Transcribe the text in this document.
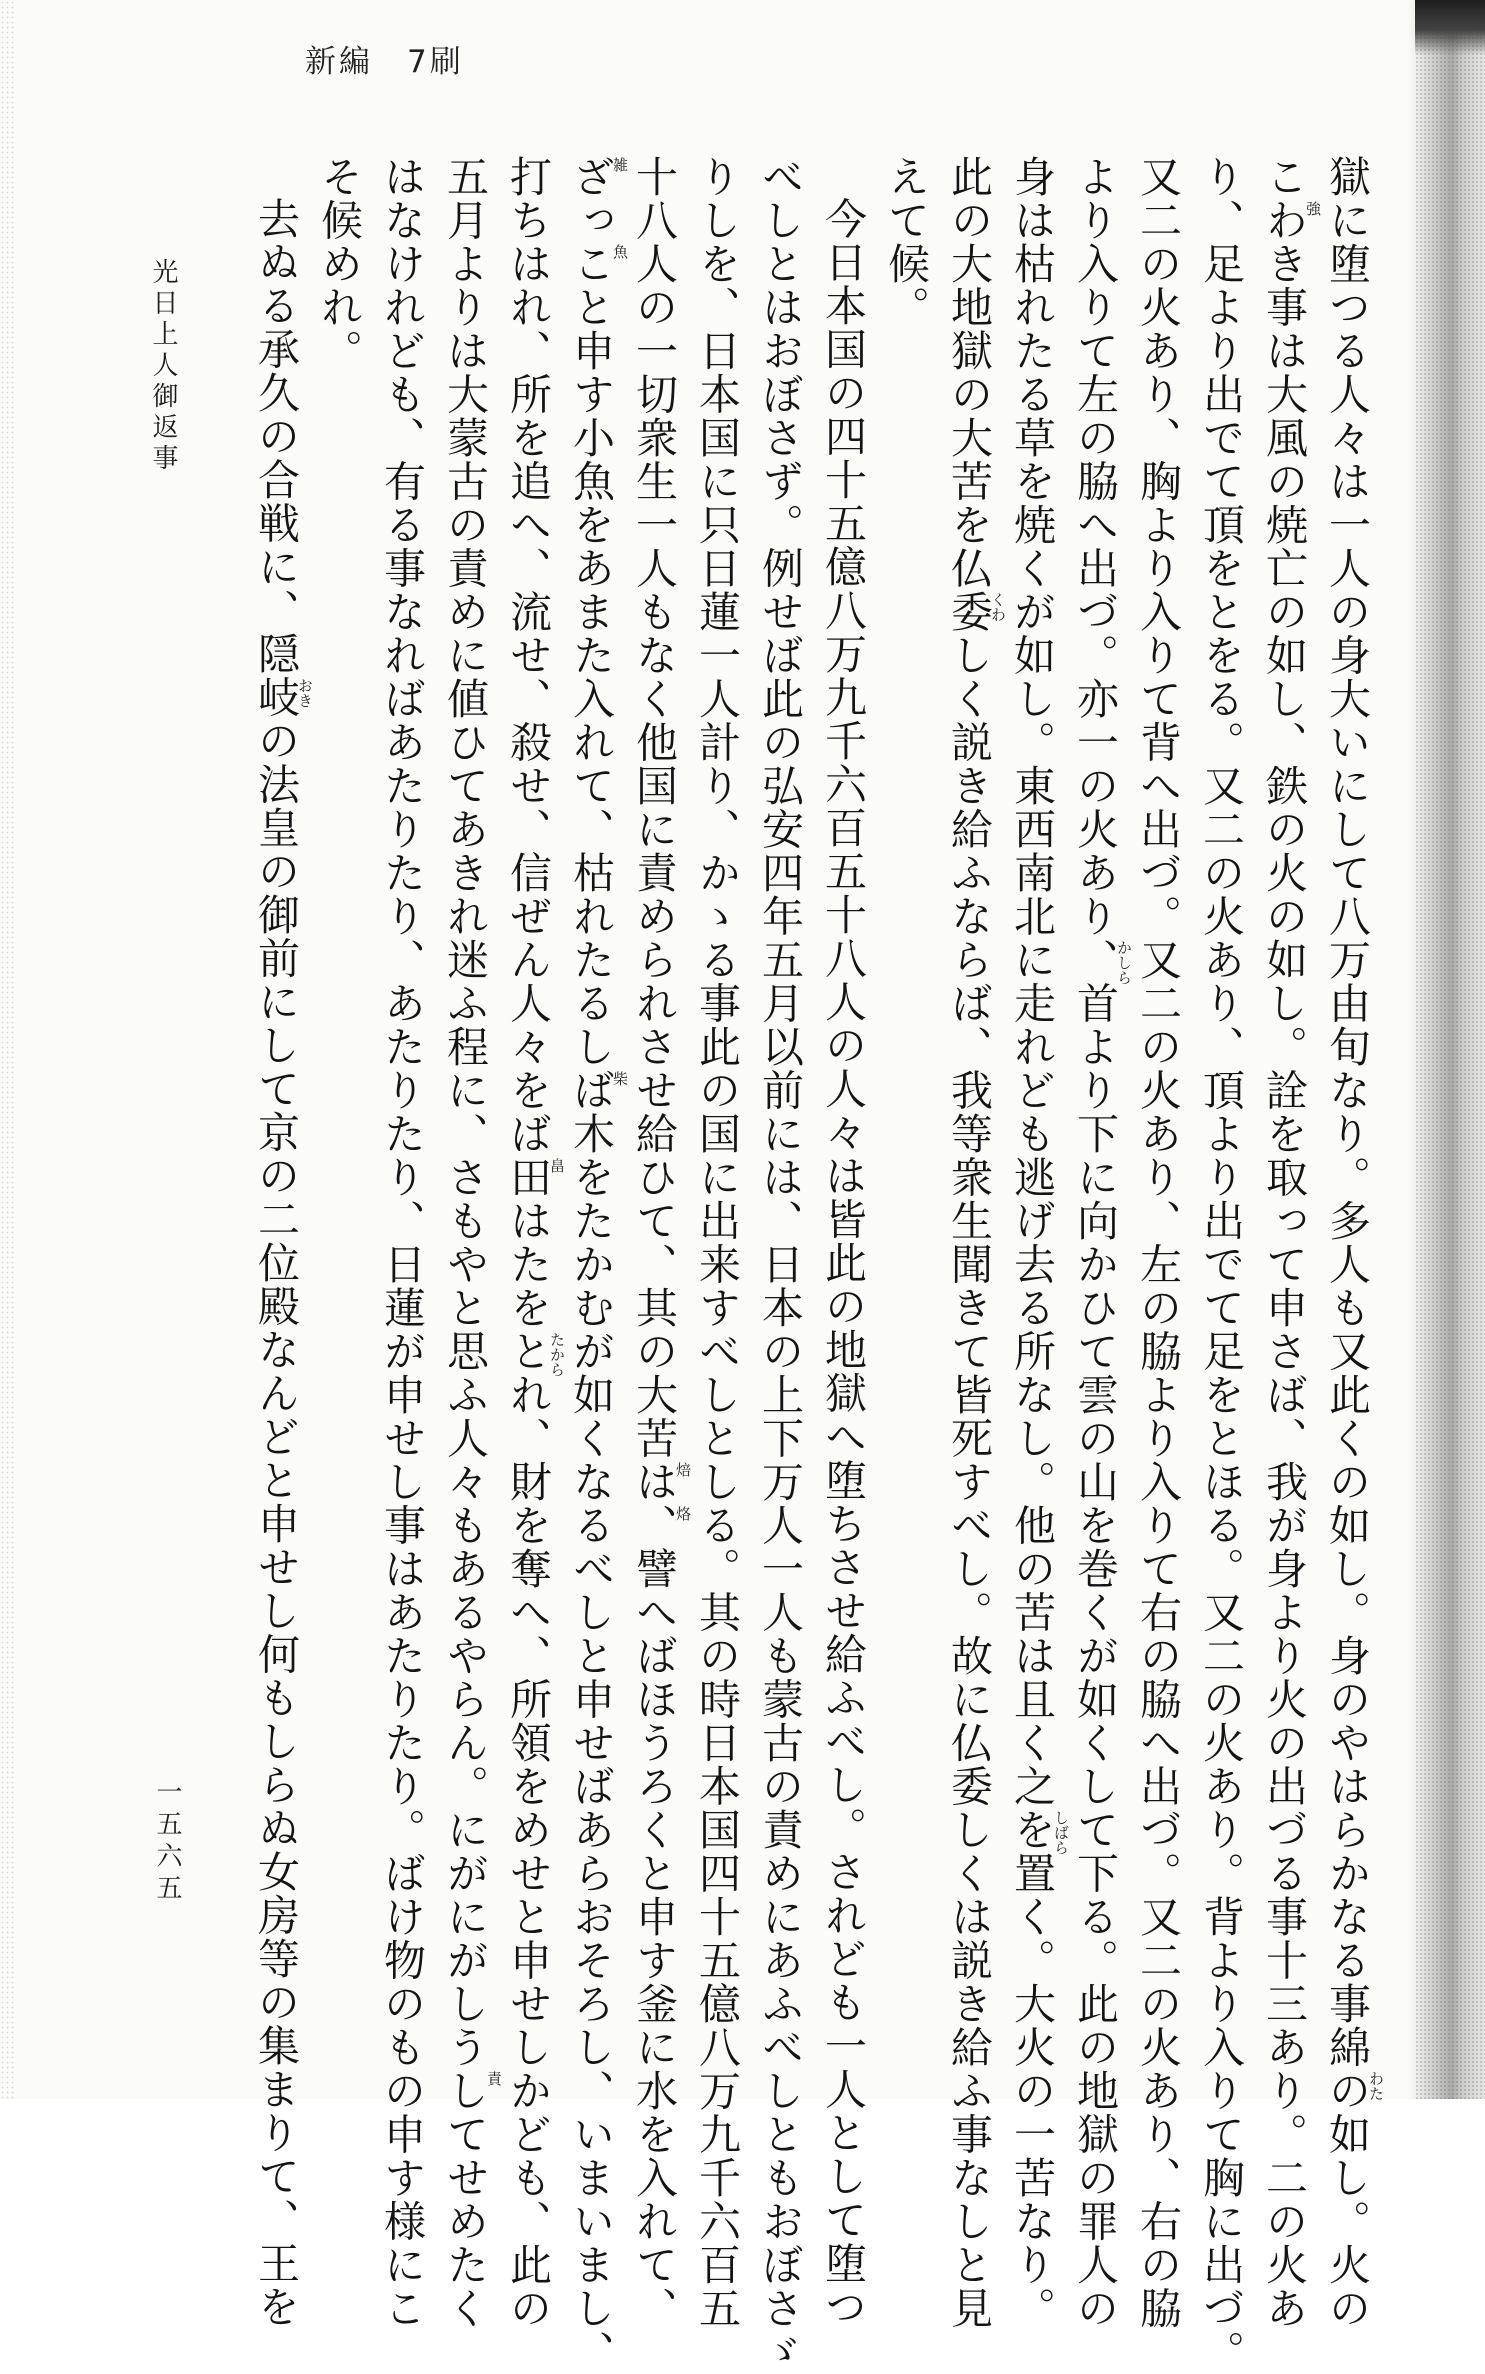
新編　7刷
獄に堕つる人々は一人の身大いにして八万由旬なり。多人も又此くの如し。身のやはらかなる事綿の如し。火の
こわき事は大風の焼亡の如し、鉄の火の如し。詮を取って申さば、我が身より火の出づる事十三あり。二の火あ
り、足より出でて頂をとをる。又二の火あり、頂より出でて足をとほる。又二の火あり。背より入りて胸に出づ。
又二の火あり、胸より入りて背へ出づ。又二の火あり、左の脇より入りて右の脇へ出づ。又二の火あり、右の脇
より入りて左の脇へ出づ。亦一の火あり、首より下に向かひて雲の山を巻くが如くして下る。此の地獄の罪人の
身は枯れたる草を焼くが如し。東西南北に走れども逃げ去る所なし。他の苦は且く之を置く。大火の一苦なり。
此の大地獄の大苦を仏委しく説き給ふならば、我等衆生聞きて皆死すべし。故に仏委しくは説き給ふ事なしと見
えて候。
今日本国の四十五億八万九千六百五十八人の人々は皆此の地獄へ堕ちさせ給ふべし。されども一人として堕つ
べしとはおぼさず。例せば此の弘安四年五月以前には、日本の上下万人一人も蒙古の責めにあふべしともおぼさゞ
りしを、日本国に只日蓮一人計り、かゝる事此の国に出来すべしとしる。其の時日本国四十五億八万九千六百五
十八人の一切衆生一人もなく他国に責められさせ給ひて、其の大苦は、譬へばほうろくと申す釜に水を入れて、
ざっこと申す小魚をあまた入れて、枯れたるしば木をたかむが如くなるべしと申せばあらおそろし、いまいまし、
打ちはれ、所を追へ、流せ、殺せ、信ぜん人々をば田はたをとれ、財を奪へ、所領をめせと申せしかども、此の
五月よりは大蒙古の責めに値ひてあきれ迷ふ程に、さもやと思ふ人々もあるやらん。にがにがしうしてせめたく
はなけれども、有る事なればあたりたり、あたりたり、日蓮が申せし事はあたりたり。ばけ物のもの申す様にこ
そ候めれ。
去ぬる承久の合戦に、隠岐の法皇の御前にして京の二位殿なんどと申せし何もしらぬ女房等の集まりて、王を	わた
強
かしら
しばら
くわ
雑
魚
焙
烙
柴
畠
たから
責
おき
光日上人御返事
一五六五
